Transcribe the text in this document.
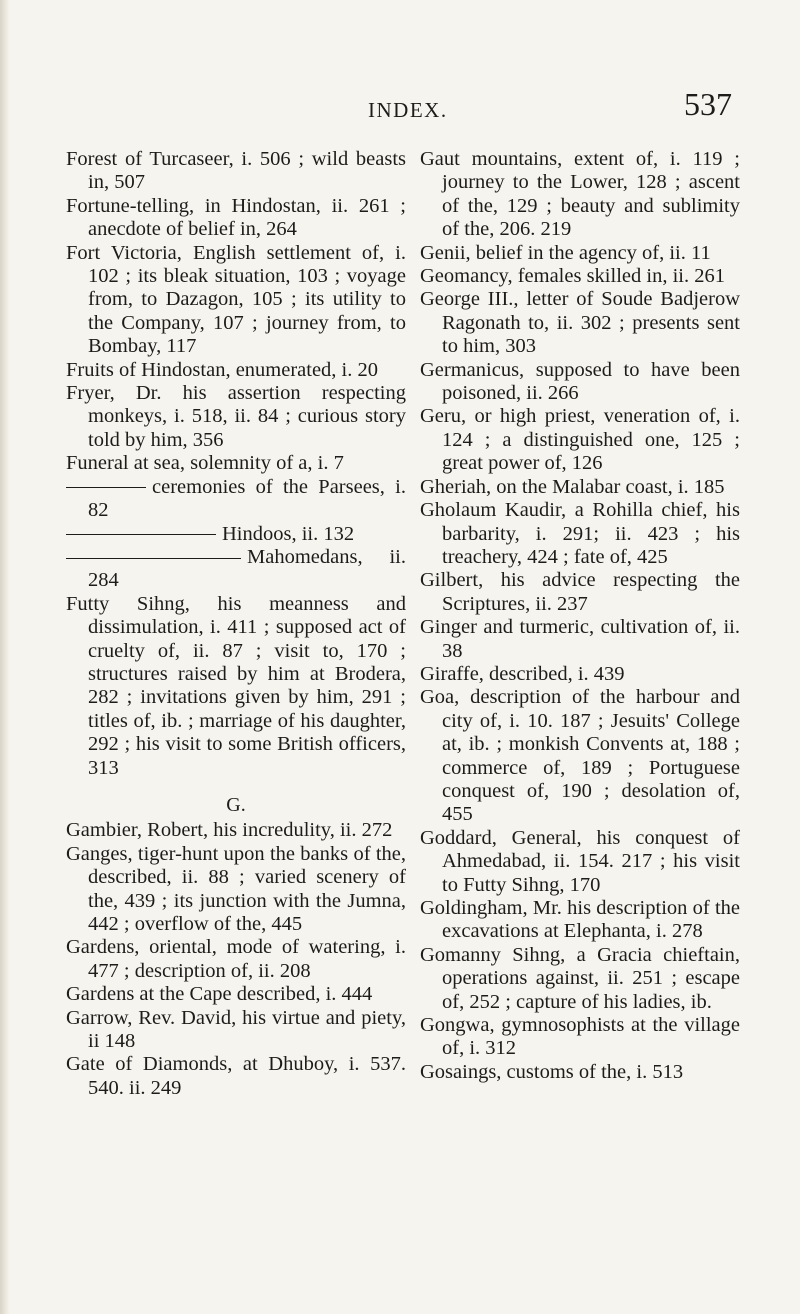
INDEX.	537

Forest of Turcaseer, i. 506 ; wild beasts in, 507

Fortune-telling, in Hindostan, ii. 261 ; anecdote of belief in, 264

Fort Victoria, English settlement of, i. 102 ; its bleak situation, 103 ; voyage from, to Dazagon, 105 ; its utility to the Company, 107 ; journey from, to Bombay, 117

Fruits of Hindostan, enumerated, i. 20

Fryer, Dr. his assertion respecting monkeys, i. 518, ii. 84 ; curious story told by him, 356

Funeral at sea, solemnity of a, i. 7

ceremonies of the Parsees, i. 82

Hindoos, ii. 132

Mahomedans, ii. 284

Futty Sihng, his meanness and dissimulation, i. 411 ; supposed act of cruelty of, ii. 87 ; visit to, 170 ; structures raised by him at Brodera, 282 ; invitations given by him, 291 ; titles of, ib. ; marriage of his daughter, 292 ; his visit to some British officers, 313

G.

Gambier, Robert, his incredulity, ii. 272

Ganges, tiger-hunt upon the banks of the, described, ii. 88 ; varied scenery of the, 439 ; its junction with the Jumna, 442 ; overflow of the, 445

Gardens, oriental, mode of watering, i. 477 ; description of, ii. 208

Gardens at the Cape described, i. 444

Garrow, Rev. David, his virtue and piety, ii 148

Gate of Diamonds, at Dhuboy, i. 537. 540. ii. 249

Gaut mountains, extent of, i. 119 ; journey to the Lower, 128 ; ascent of the, 129 ; beauty and sublimity of the, 206. 219

Genii, belief in the agency of, ii. 11

Geomancy, females skilled in, ii. 261

George III., letter of Soude Badjerow Ragonath to, ii. 302 ; presents sent to him, 303

Germanicus, supposed to have been poisoned, ii. 266

Geru, or high priest, veneration of, i. 124 ; a distinguished one, 125 ; great power of, 126

Gheriah, on the Malabar coast, i. 185

Gholaum Kaudir, a Rohilla chief, his barbarity, i. 291; ii. 423 ; his treachery, 424 ; fate of, 425

Gilbert, his advice respecting the Scriptures, ii. 237

Ginger and turmeric, cultivation of, ii. 38

Giraffe, described, i. 439

Goa, description of the harbour and city of, i. 10. 187 ; Jesuits' College at, ib. ; monkish Convents at, 188 ; commerce of, 189 ; Portuguese conquest of, 190 ; desolation of, 455

Goddard, General, his conquest of Ahmedabad, ii. 154. 217 ; his visit to Futty Sihng, 170

Goldingham, Mr. his description of the excavations at Elephanta, i. 278

Gomanny Sihng, a Gracia chieftain, operations against, ii. 251 ; escape of, 252 ; capture of his ladies, ib.

Gongwa, gymnosophists at the village of, i. 312

Gosaings, customs of the, i. 513
